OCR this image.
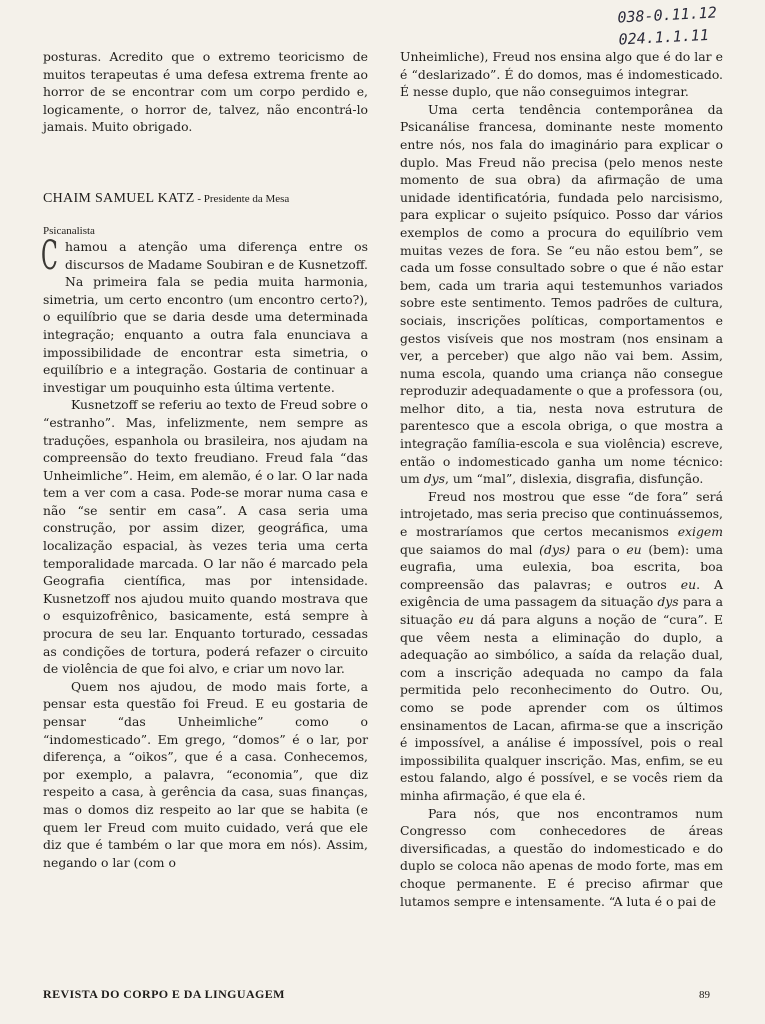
038-0.11.12
024.1.1.11

posturas. Acredito que o extremo teoricismo de muitos terapeutas é uma defesa extrema frente ao horror de se encontrar com um corpo perdido e, logicamente, o horror de, talvez, não encontrá-lo jamais. Muito obrigado.

CHAIM SAMUEL KATZ - Presidente da Mesa
Psicanalista

Chamou a atenção uma diferença entre os discursos de Madame Soubiran e de Kusnetzoff. Na primeira fala se pedia muita harmonia, simetria, um certo encontro (um encontro certo?), o equilíbrio que se daria desde uma determinada integração; enquanto a outra fala enunciava a impossibilidade de encontrar esta simetria, o equilíbrio e a integração. Gostaria de continuar a investigar um pouquinho esta última vertente.

Kusnetzoff se referiu ao texto de Freud sobre o “estranho”. Mas, infelizmente, nem sempre as traduções, espanhola ou brasileira, nos ajudam na compreensão do texto freudiano. Freud fala “das Unheimliche”. Heim, em alemão, é o lar. O lar nada tem a ver com a casa. Pode-se morar numa casa e não “se sentir em casa”. A casa seria uma construção, por assim dizer, geográfica, uma localização espacial, às vezes teria uma certa temporalidade marcada. O lar não é marcado pela Geografia científica, mas por intensidade. Kusnetzoff nos ajudou muito quando mostrava que o esquizofrênico, basicamente, está sempre à procura de seu lar. Enquanto torturado, cessadas as condições de tortura, poderá refazer o circuito de violência de que foi alvo, e criar um novo lar.

Quem nos ajudou, de modo mais forte, a pensar esta questão foi Freud. E eu gostaria de pensar “das Unheimliche” como o “indomesticado”. Em grego, “domos” é o lar, por diferença, a “oikos”, que é a casa. Conhecemos, por exemplo, a palavra, “economia”, que diz respeito a casa, à gerência da casa, suas finanças, mas o domos diz respeito ao lar que se habita (e quem ler Freud com muito cuidado, verá que ele diz que é também o lar que mora em nós). Assim, negando o lar (com o

Unheimliche), Freud nos ensina algo que é do lar e é “deslarizado”. É do domos, mas é indomesticado. É nesse duplo, que não conseguimos integrar.

Uma certa tendência contemporânea da Psicanálise francesa, dominante neste momento entre nós, nos fala do imaginário para explicar o duplo. Mas Freud não precisa (pelo menos neste momento de sua obra) da afirmação de uma unidade identificatória, fundada pelo narcisismo, para explicar o sujeito psíquico. Posso dar vários exemplos de como a procura do equilíbrio vem muitas vezes de fora. Se “eu não estou bem”, se cada um fosse consultado sobre o que é não estar bem, cada um traria aqui testemunhos variados sobre este sentimento. Temos padrões de cultura, sociais, inscrições políticas, comportamentos e gestos visíveis que nos mostram (nos ensinam a ver, a perceber) que algo não vai bem. Assim, numa escola, quando uma criança não consegue reproduzir adequadamente o que a professora (ou, melhor dito, a tia, nesta nova estrutura de parentesco que a escola obriga, o que mostra a integração família-escola e sua violência) escreve, então o indomesticado ganha um nome técnico: um dys, um “mal”, dislexia, disgrafia, disfunção.

Freud nos mostrou que esse “de fora” será introjetado, mas seria preciso que continuássemos, e mostraríamos que certos mecanismos exigem que saiamos do mal (dys) para o eu (bem): uma eugrafia, uma eulexia, boa escrita, boa compreensão das palavras; e outros eu. A exigência de uma passagem da situação dys para a situação eu dá para alguns a noção de “cura”. E que vêem nesta a eliminação do duplo, a adequação ao simbólico, a saída da relação dual, com a inscrição adequada no campo da fala permitida pelo reconhecimento do Outro. Ou, como se pode aprender com os últimos ensinamentos de Lacan, afirma-se que a inscrição é impossível, a análise é impossível, pois o real impossibilita qualquer inscrição. Mas, enfim, se eu estou falando, algo é possível, e se vocês riem da minha afirmação, é que ela é.

Para nós, que nos encontramos num Congresso com conhecedores de áreas diversificadas, a questão do indomesticado e do duplo se coloca não apenas de modo forte, mas em choque permanente. E é preciso afirmar que lutamos sempre e intensamente. “A luta é o pai de

REVISTA DO CORPO E DA LINGUAGEM	89
